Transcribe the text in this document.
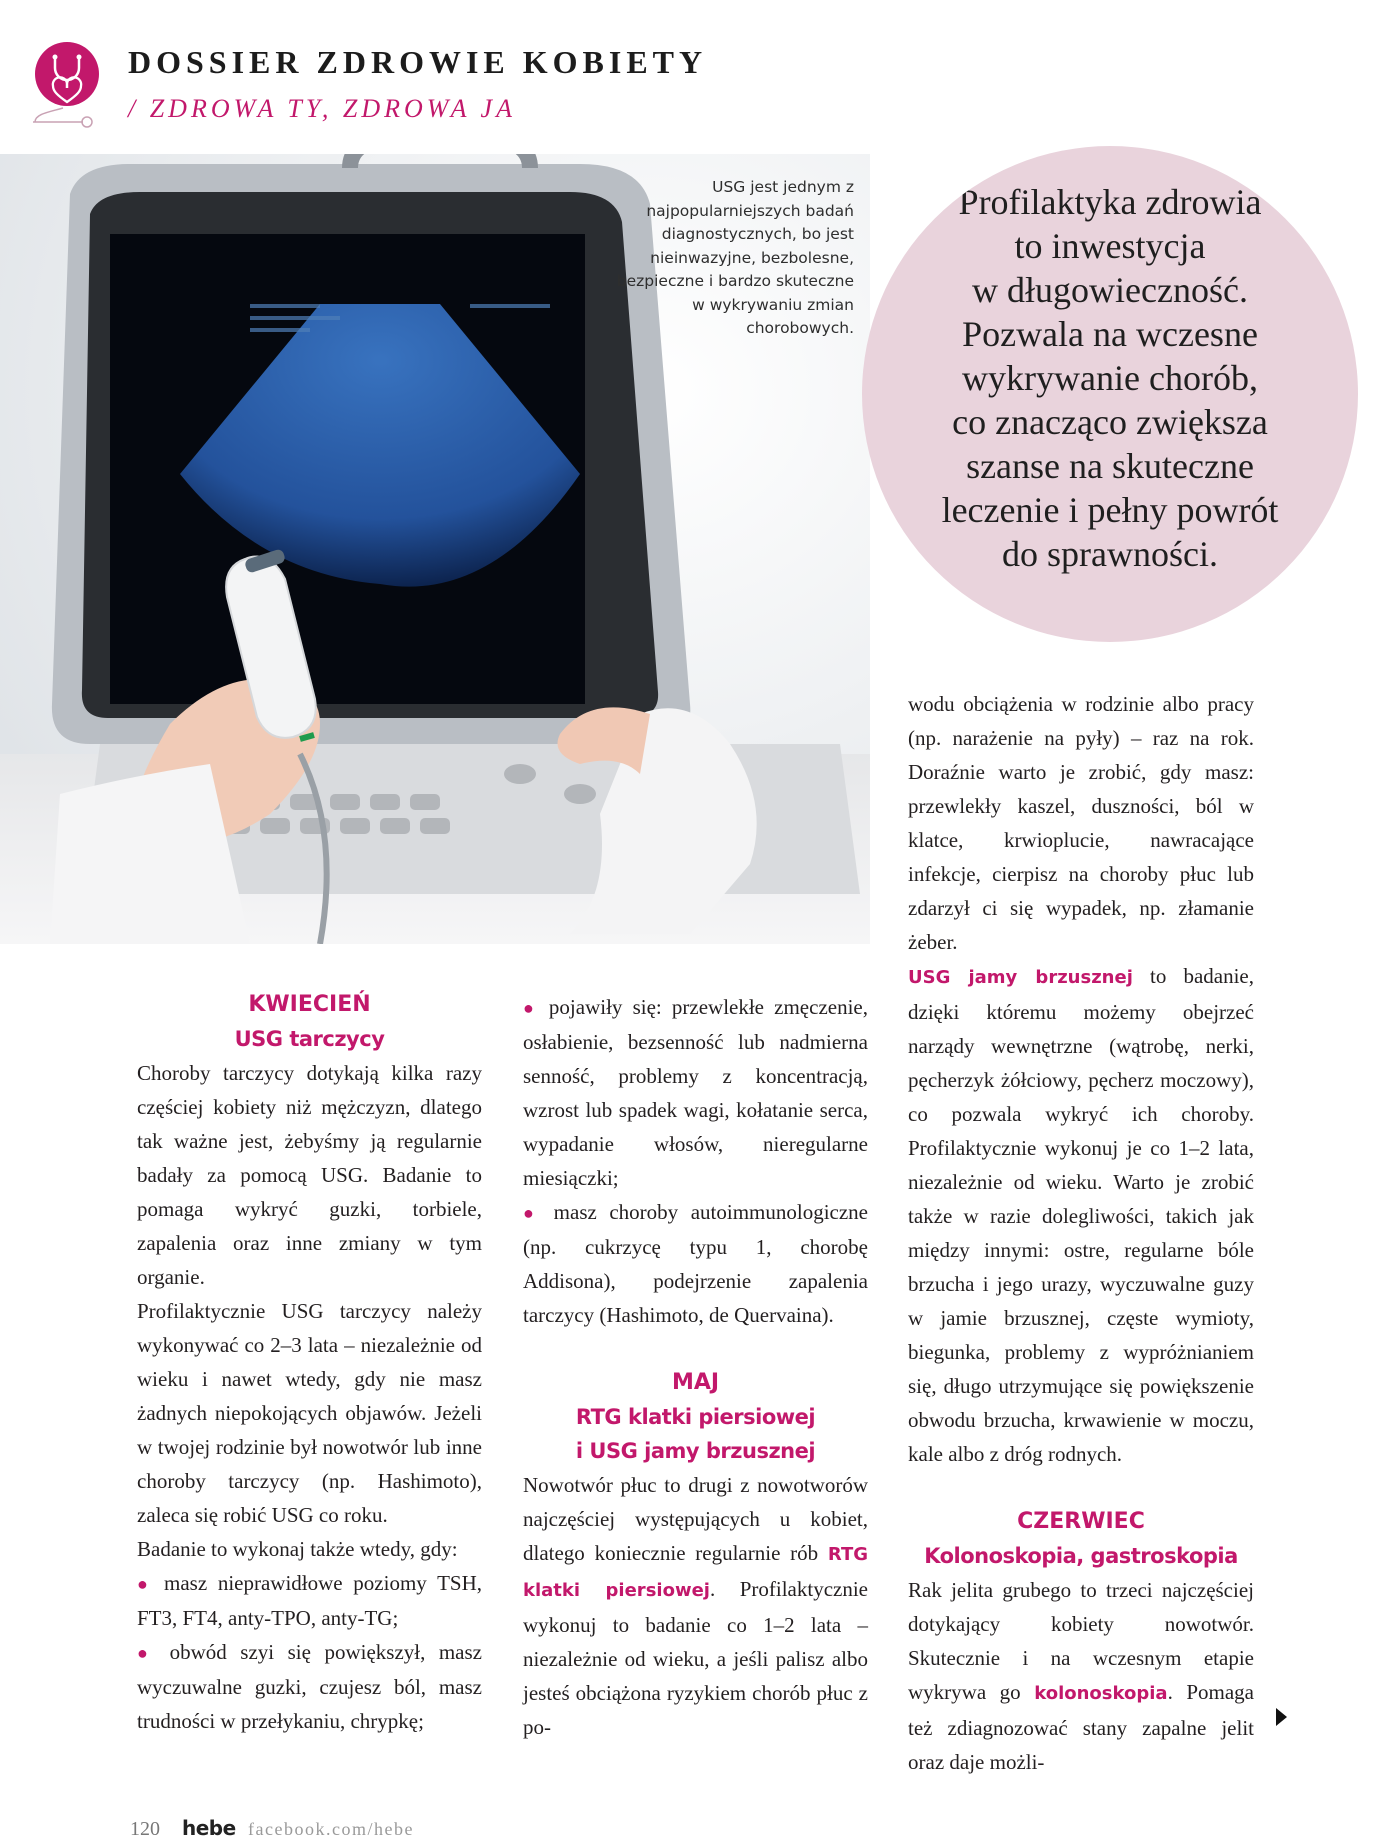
DOSSIER ZDROWIE KOBIETY
/ ZDROWA TY, ZDROWA JA
USG jest jednym z najpopularniejszych badań diagnostycznych, bo jest nieinwazyjne, bezbolesne, bezpieczne i bardzo skuteczne w wykrywaniu zmian chorobowych.
Profilaktyka zdrowia
to inwestycja
w długowieczność.
Pozwala na wczesne
wykrywanie chorób,
co znacząco zwiększa
szanse na skuteczne
leczenie i pełny powrót
do sprawności.
KWIECIEŃ
USG tarczycy

Choroby tarczycy dotykają kilka razy częściej kobiety niż mężczyzn, dlatego tak ważne jest, żebyśmy ją regularnie badały za pomocą USG. Badanie to pomaga wykryć guzki, torbiele, zapalenia oraz inne zmiany w tym organie.

Profilaktycznie USG tarczycy należy wykonywać co 2–3 lata – niezależnie od wieku i nawet wtedy, gdy nie masz żadnych niepokojących objawów. Jeżeli w twojej rodzinie był nowotwór lub inne choroby tarczycy (np. Hashimoto), zaleca się robić USG co roku.

Badanie to wykonaj także wtedy, gdy:

● masz nieprawidłowe poziomy TSH, FT3, FT4, anty-TPO, anty-TG;

● obwód szyi się powiększył, masz wyczuwalne guzki, czujesz ból, masz trudności w przełykaniu, chrypkę;

● pojawiły się: przewlekłe zmęczenie, osłabienie, bezsenność lub nadmierna senność, problemy z koncentracją, wzrost lub spadek wagi, kołatanie serca, wypadanie włosów, nieregularne miesiączki;

● masz choroby autoimmunologiczne (np. cukrzycę typu 1, chorobę Addisona), podejrzenie zapalenia tarczycy (Hashimoto, de Quervaina).

MAJ
RTG klatki piersiowej
i USG jamy brzusznej

Nowotwór płuc to drugi z nowotworów najczęściej występujących u kobiet, dlatego koniecznie regularnie rób RTG klatki piersiowej. Profilaktycznie wykonuj to badanie co 1–2 lata – niezależnie od wieku, a jeśli palisz albo jesteś obciążona ryzykiem chorób płuc z po-

wodu obciążenia w rodzinie albo pracy (np. narażenie na pyły) – raz na rok. Doraźnie warto je zrobić, gdy masz: przewlekły kaszel, duszności, ból w klatce, krwioplucie, nawracające infekcje, cierpisz na choroby płuc lub zdarzył ci się wypadek, np. złamanie żeber.

USG jamy brzusznej to badanie, dzięki któremu możemy obejrzeć narządy wewnętrzne (wątrobę, nerki, pęcherzyk żółciowy, pęcherz moczowy), co pozwala wykryć ich choroby. Profilaktycznie wykonuj je co 1–2 lata, niezależnie od wieku. Warto je zrobić także w razie dolegliwości, takich jak między innymi: ostre, regularne bóle brzucha i jego urazy, wyczuwalne guzy w jamie brzusznej, częste wymioty, biegunka, problemy z wypróżnianiem się, długo utrzymujące się powiększenie obwodu brzucha, krwawienie w moczu, kale albo z dróg rodnych.

CZERWIEC
Kolonoskopia, gastroskopia

Rak jelita grubego to trzeci najczęściej dotykający kobiety nowotwór. Skutecznie i na wczesnym etapie wykrywa go kolonoskopia. Pomaga też zdiagnozować stany zapalne jelit oraz daje możli-

120 hebe facebook.com/hebe
